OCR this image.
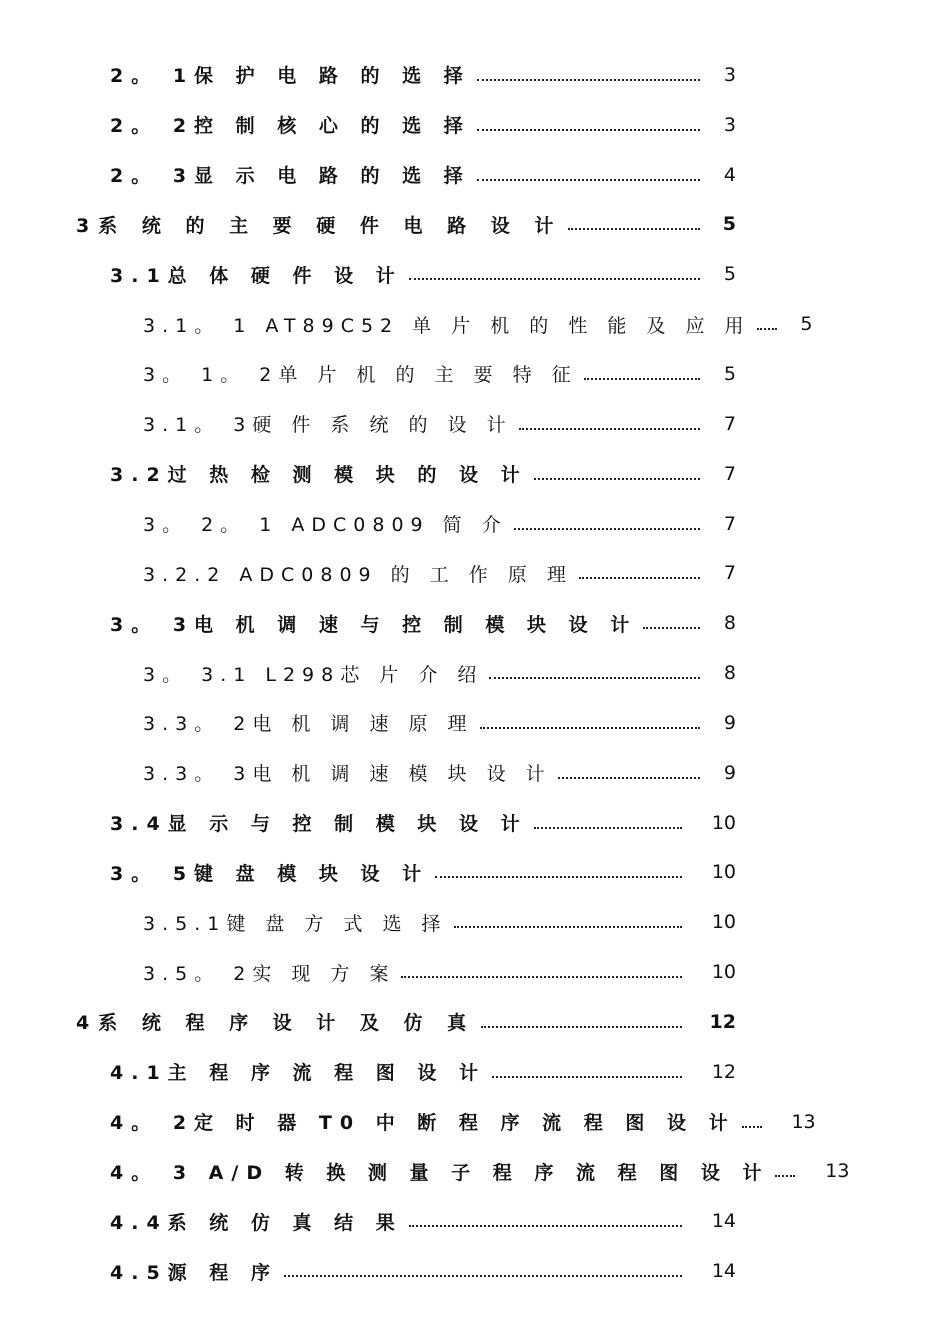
2。 1保 护 电 路 的 选 择	3
2。 2控 制 核 心 的 选 择	3
2。 3显 示 电 路 的 选 择	4
3系 统 的 主 要 硬 件 电 路 设 计	5
3.1总 体 硬 件 设 计	5
3.1。 1 AT89C52 单 片 机 的 性 能 及 应 用	5
3。 1。 2单 片 机 的 主 要 特 征	5
3.1。 3硬 件 系 统 的 设 计	7
3.2过 热 检 测 模 块 的 设 计	7
3。 2。 1 ADC0809 简 介	7
3.2.2 ADC0809 的 工 作 原 理	7
3。 3电 机 调 速 与 控 制 模 块 设 计	8
3。 3.1 L298芯 片 介 绍	8
3.3。 2电 机 调 速 原 理	9
3.3。 3电 机 调 速 模 块 设 计	9
3.4显 示 与 控 制 模 块 设 计	10
3。 5键 盘 模 块 设 计	10
3.5.1键 盘 方 式 选 择	10
3.5。 2实 现 方 案	10
4系 统 程 序 设 计 及 仿 真	12
4.1主 程 序 流 程 图 设 计	12
4。 2定 时 器 T0 中 断 程 序 流 程 图 设 计	13
4。 3 A/D 转 换 测 量 子 程 序 流 程 图 设 计	13
4.4系 统 仿 真 结 果	14
4.5源 程 序	14
